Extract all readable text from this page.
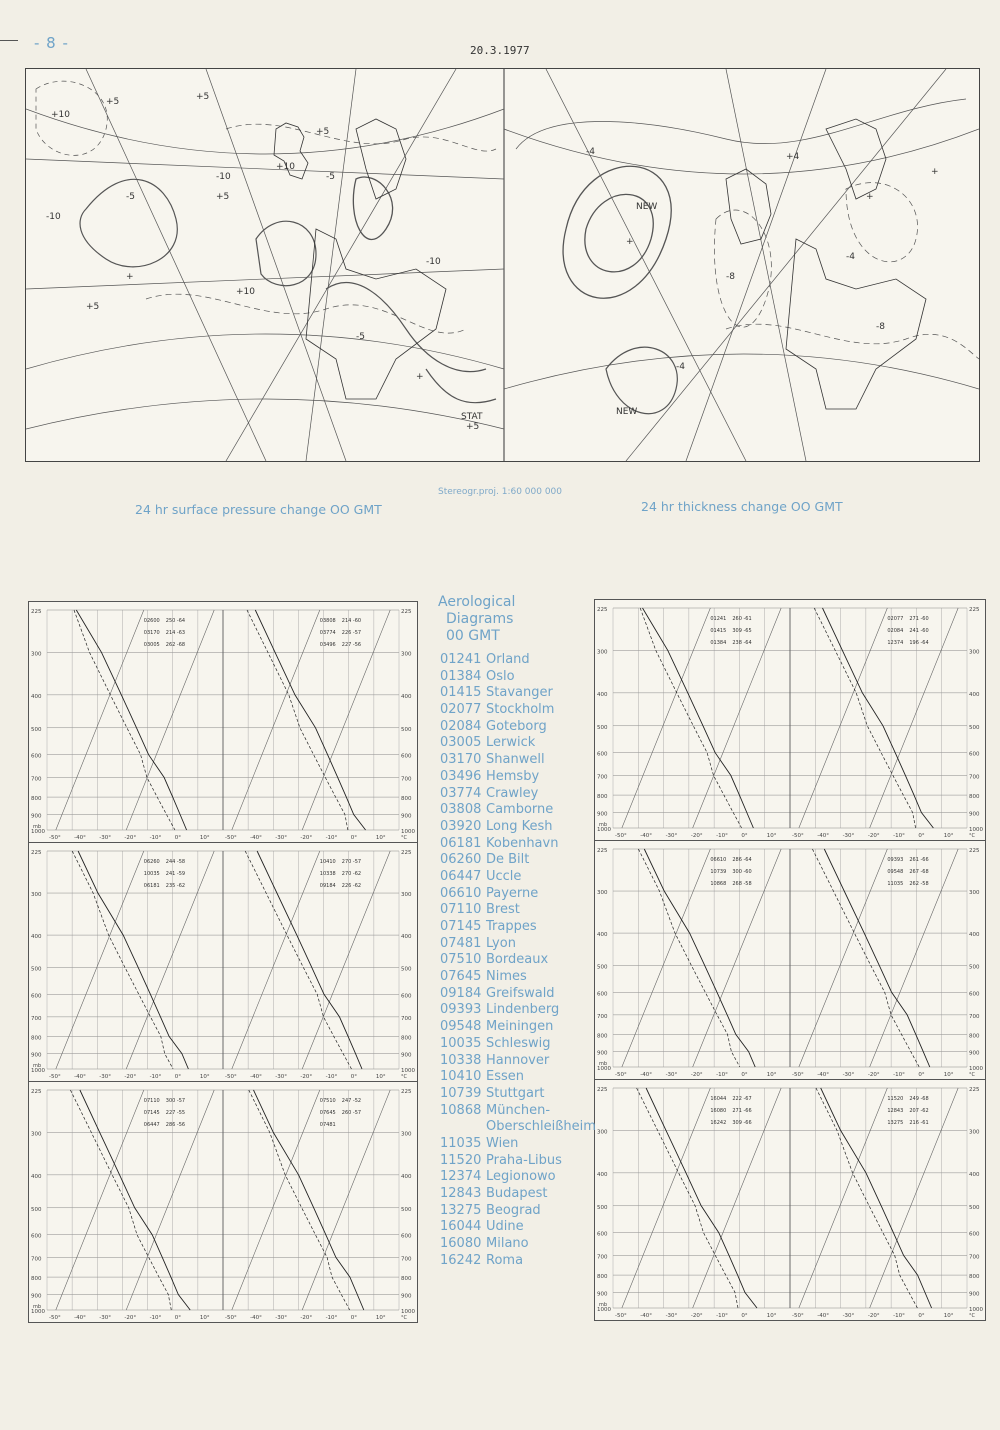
- 8 -	20.3.1977
+5
+10
+5
-5
-10
+5
+10
-5
-10
+5
+
+
STAT
+5
-5
+10
-10
+5
-4
NEW
+
-8
+4
NEW
-4
+
-8
+
-4
24 hr surface pressure change OO GMT
Stereogr.proj. 1:60 000 000
24 hr thickness change OO GMT
225	225
300	300
400	400
500	500
600	600
700	700
800	800
900	900
1000	1000
-50° -40° -30° -20° -10° 0°	10°
02600 250 -64
03170 214 -63
03005 262 -68
-50° -40° -30° -20° -10° 0°	10°
03808 214 -60
03774 226 -57
03496 227 -56
mb
°C
225	225
300	300
400	400
500	500
600	600
700	700
800	800
900	900
1000	1000
-50° -40° -30° -20° -10° 0°	10°
06260 244 -58
10035 241 -59
06181 235 -62
-50° -40° -30° -20° -10° 0°	10°
10410 270 -57
10338 270 -62
09184 226 -62
mb
°C
225	225
300	300
400	400
500	500
600	600
700	700
800	800
900	900
1000	1000
-50° -40° -30° -20° -10° 0°	10°
07110 300 -57
07145 227 -55
06447 286 -56
-50° -40° -30° -20° -10° 0°	10°
07510 247 -52
07645 260 -57
07481
mb
°C
225	225
300	300
400	400
500	500
600	600
700	700
800	800
900	900
1000	1000
-50° -40° -30° -20° -10° 0°	10°
01241 260 -61
01415 309 -65
01384 238 -64
-50° -40° -30° -20° -10° 0°	10°
02077 271 -60
02084 241 -60
12374 196 -64
mb
°C
225	225
300	300
400	400
500	500
600	600
700	700
800	800
900	900
1000	1000
-50° -40° -30° -20° -10° 0°	10°
06610 286 -64
10739 300 -60
10868 268 -58
-50° -40° -30° -20° -10° 0°	10°
09393 261 -66
09548 267 -68
11035 262 -58
mb
°C
225	225
300	300
400	400
500	500
600	600
700	700
800	800
900	900
1000	1000
-50° -40° -30° -20° -10° 0°	10°
16044 222 -67
16080 271 -66
16242 309 -66
-50° -40° -30° -20° -10° 0°	10°
11520 249 -68
12843 207 -62
13275 216 -61
mb
°C
Aerological
Diagrams
00 GMT
01241 Orland
01384 Oslo
01415 Stavanger
02077 Stockholm
02084 Goteborg
03005 Lerwick
03170 Shanwell
03496 Hemsby
03774 Crawley
03808 Camborne
03920 Long Kesh
06181 Kobenhavn
06260 De Bilt
06447 Uccle
06610 Payerne
07110 Brest
07145 Trappes
07481 Lyon
07510 Bordeaux
07645 Nimes
09184 Greifswald
09393 Lindenberg
09548 Meiningen
10035 Schleswig
10338 Hannover
10410 Essen
10739 Stuttgart
10868 München-
Oberschleißheim
11035 Wien
11520 Praha-Libus
12374 Legionowo
12843 Budapest
13275 Beograd
16044 Udine
16080 Milano
16242 Roma
